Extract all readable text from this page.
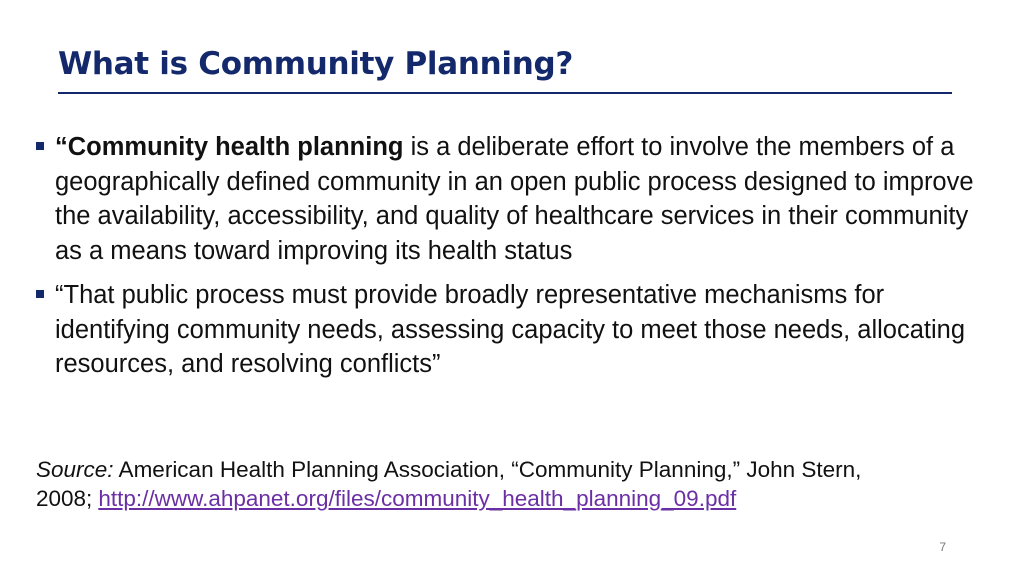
What is Community Planning?
“Community health planning is a deliberate effort to involve the members of a geographically defined community in an open public process designed to improve the availability, accessibility, and quality of healthcare services in their community as a means toward improving its health status
“That public process must provide broadly representative mechanisms for identifying community needs, assessing capacity to meet those needs, allocating resources, and resolving conflicts”

Source: American Health Planning Association, “Community Planning,” John Stern, 2008; http://www.ahpanet.org/files/community_health_planning_09.pdf

7
